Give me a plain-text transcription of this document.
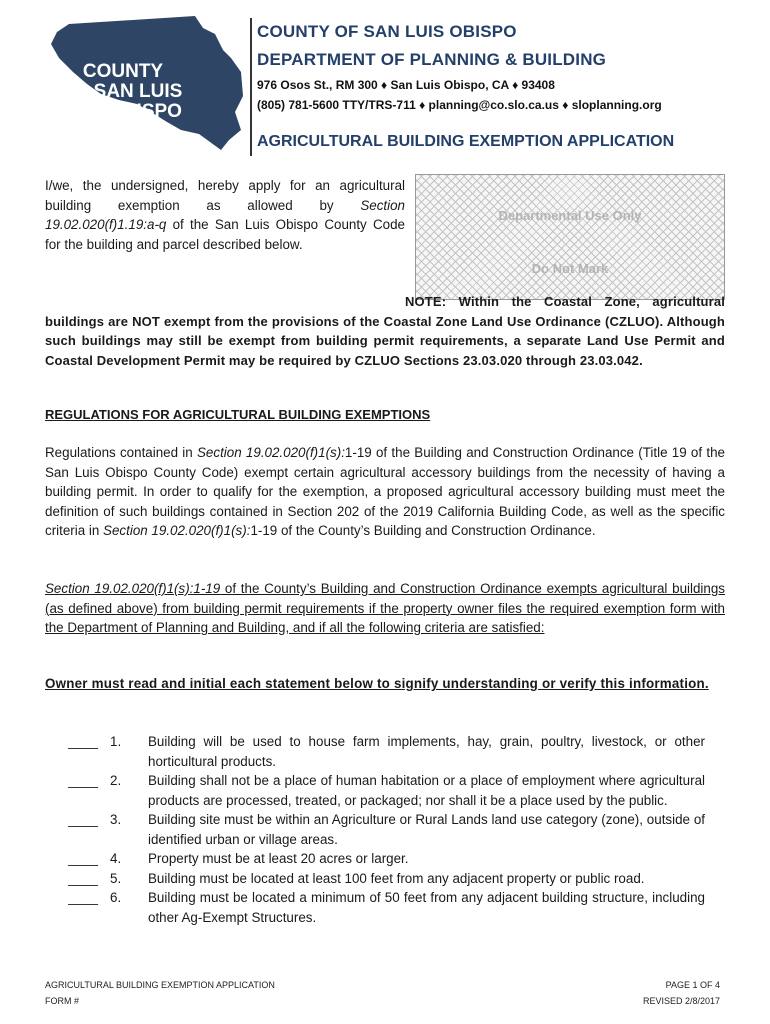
COUNTY
of SAN LUIS
OBISPO
COUNTY OF SAN LUIS OBISPO
DEPARTMENT OF PLANNING & BUILDING
976 Osos St., RM 300 ♦ San Luis Obispo, CA ♦ 93408
(805) 781-5600 TTY/TRS-711 ♦ planning@co.slo.ca.us ♦ sloplanning.org
AGRICULTURAL BUILDING EXEMPTION APPLICATION
I/we, the undersigned, hereby apply for an agricultural building exemption as allowed by Section 19.02.020(f)1.19:a-q of the San Luis Obispo County Code for the building and parcel described below.
Departmental Use Only
Do Not Mark
NOTE: Within the Coastal Zone, agricultural buildings are NOT exempt from the provisions of the Coastal Zone Land Use Ordinance (CZLUO). Although such buildings may still be exempt from building permit requirements, a separate Land Use Permit and Coastal Development Permit may be required by CZLUO Sections 23.03.020 through 23.03.042.
REGULATIONS FOR AGRICULTURAL BUILDING EXEMPTIONS
Regulations contained in Section 19.02.020(f)1(s):1-19 of the Building and Construction Ordinance (Title 19 of the San Luis Obispo County Code) exempt certain agricultural accessory buildings from the necessity of having a building permit. In order to qualify for the exemption, a proposed agricultural accessory building must meet the definition of such buildings contained in Section 202 of the 2019 California Building Code, as well as the specific criteria in Section 19.02.020(f)1(s):1-19 of the County’s Building and Construction Ordinance.
Section 19.02.020(f)1(s):1-19 of the County’s Building and Construction Ordinance exempts agricultural buildings (as defined above) from building permit requirements if the property owner files the required exemption form with the Department of Planning and Building, and if all the following criteria are satisfied:
Owner must read and initial each statement below to signify understanding or verify this information.
____ 1.	Building will be used to house farm implements, hay, grain, poultry, livestock, or other horticultural products.
____ 2.	Building shall not be a place of human habitation or a place of employment where agricultural products are processed, treated, or packaged; nor shall it be a place used by the public.
____ 3.	Building site must be within an Agriculture or Rural Lands land use category (zone), outside of identified urban or village areas.
____ 4.	Property must be at least 20 acres or larger.
____ 5.	Building must be located at least 100 feet from any adjacent property or public road.
____ 6.	Building must be located a minimum of 50 feet from any adjacent building structure, including other Ag-Exempt Structures.
AGRICULTURAL BUILDING EXEMPTION APPLICATION
FORM #
PAGE 1 OF 4
REVISED 2/8/2017
